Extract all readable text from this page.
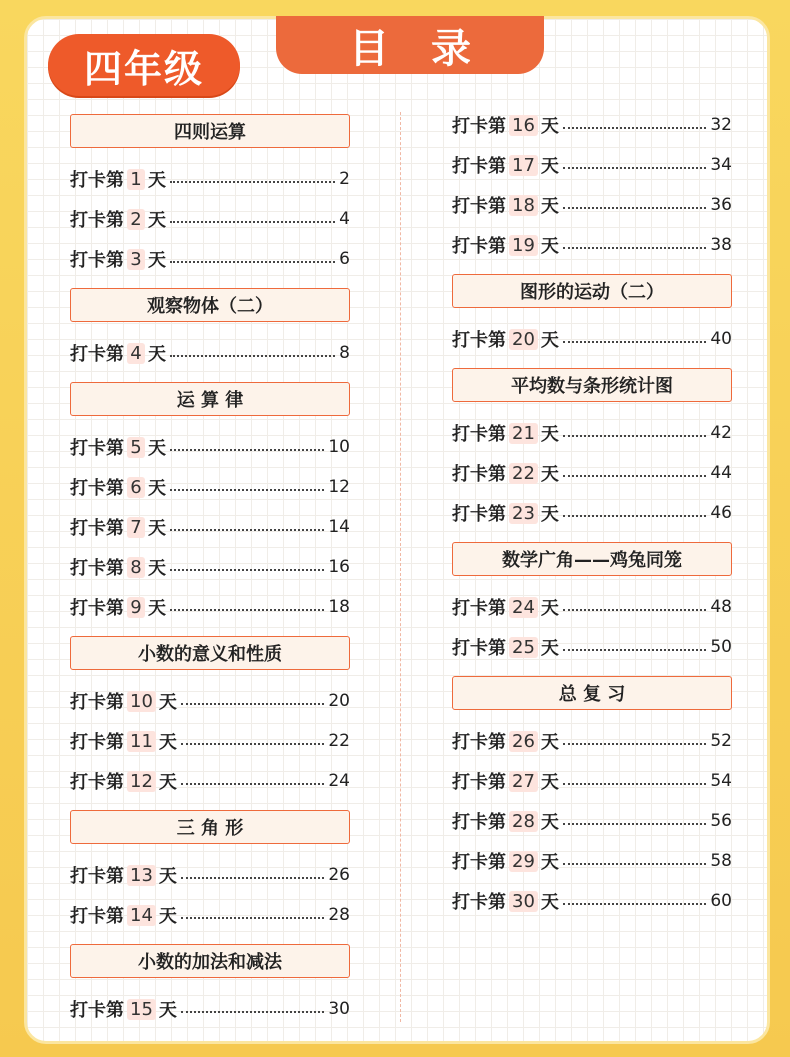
四年级	目录
四则运算
观察物体（二）
运 算 律
小数的意义和性质
三 角 形
小数的加法和减法
打卡第 1 天	2
打卡第 2 天	4
打卡第 3 天	6
打卡第 4 天	8
打卡第 5 天	10
打卡第 6 天	12
打卡第 7 天	14
打卡第 8 天	16
打卡第 9 天	18
打卡第 10 天	20
打卡第 11 天	22
打卡第 12 天	24
打卡第 13 天	26
打卡第 14 天	28
打卡第 15 天	30
图形的运动（二）
平均数与条形统计图
数学广角——鸡兔同笼
总 复 习
打卡第 16 天	32
打卡第 17 天	34
打卡第 18 天	36
打卡第 19 天	38
打卡第 20 天	40
打卡第 21 天	42
打卡第 22 天	44
打卡第 23 天	46
打卡第 24 天	48
打卡第 25 天	50
打卡第 26 天	52
打卡第 27 天	54
打卡第 28 天	56
打卡第 29 天	58
打卡第 30 天	60
